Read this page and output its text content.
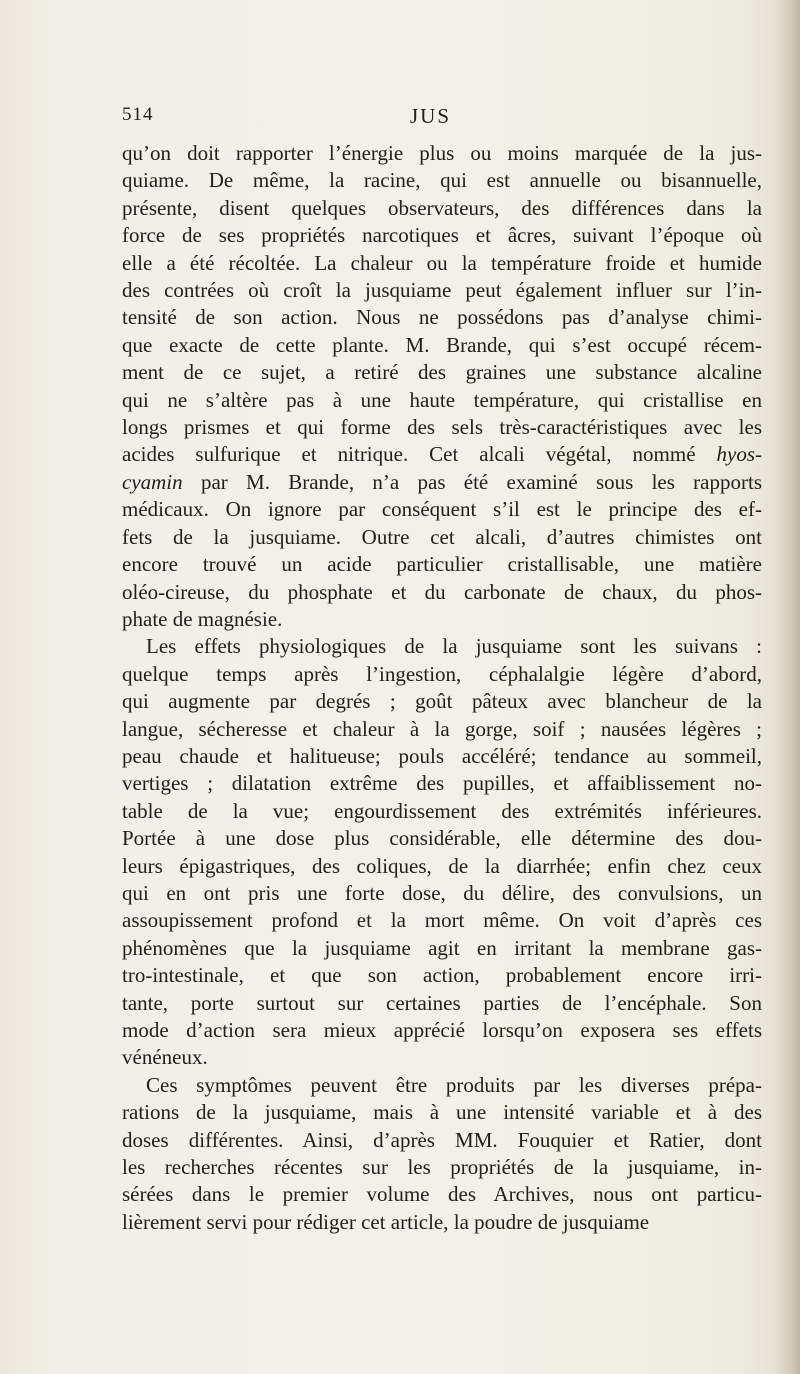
514	JUS

qu’on doit rapporter l’énergie plus ou moins marquée de la jus-
quiame. De même, la racine, qui est annuelle ou bisannuelle,
présente, disent quelques observateurs, des différences dans la
force de ses propriétés narcotiques et âcres, suivant l’époque où
elle a été récoltée. La chaleur ou la température froide et humide
des contrées où croît la jusquiame peut également influer sur l’in-
tensité de son action. Nous ne possédons pas d’analyse chimi-
que exacte de cette plante. M. Brande, qui s’est occupé récem-
ment de ce sujet, a retiré des graines une substance alcaline
qui ne s’altère pas à une haute température, qui cristallise en
longs prismes et qui forme des sels très-caractéristiques avec les
acides sulfurique et nitrique. Cet alcali végétal, nommé hyos-
cyamin par M. Brande, n’a pas été examiné sous les rapports
médicaux. On ignore par conséquent s’il est le principe des ef-
fets de la jusquiame. Outre cet alcali, d’autres chimistes ont
encore trouvé un acide particulier cristallisable, une matière
oléo-cireuse, du phosphate et du carbonate de chaux, du phos-
phate de magnésie.

Les effets physiologiques de la jusquiame sont les suivans :
quelque temps après l’ingestion, céphalalgie légère d’abord,
qui augmente par degrés ; goût pâteux avec blancheur de la
langue, sécheresse et chaleur à la gorge, soif ; nausées légères ;
peau chaude et halitueuse; pouls accéléré; tendance au sommeil,
vertiges ; dilatation extrême des pupilles, et affaiblissement no-
table de la vue; engourdissement des extrémités inférieures.
Portée à une dose plus considérable, elle détermine des dou-
leurs épigastriques, des coliques, de la diarrhée; enfin chez ceux
qui en ont pris une forte dose, du délire, des convulsions, un
assoupissement profond et la mort même. On voit d’après ces
phénomènes que la jusquiame agit en irritant la membrane gas-
tro-intestinale, et que son action, probablement encore irri-
tante, porte surtout sur certaines parties de l’encéphale. Son
mode d’action sera mieux apprécié lorsqu’on exposera ses effets
vénéneux.

Ces symptômes peuvent être produits par les diverses prépa-
rations de la jusquiame, mais à une intensité variable et à des
doses différentes. Ainsi, d’après MM. Fouquier et Ratier, dont
les recherches récentes sur les propriétés de la jusquiame, in-
sérées dans le premier volume des Archives, nous ont particu-
lièrement servi pour rédiger cet article, la poudre de jusquiame
